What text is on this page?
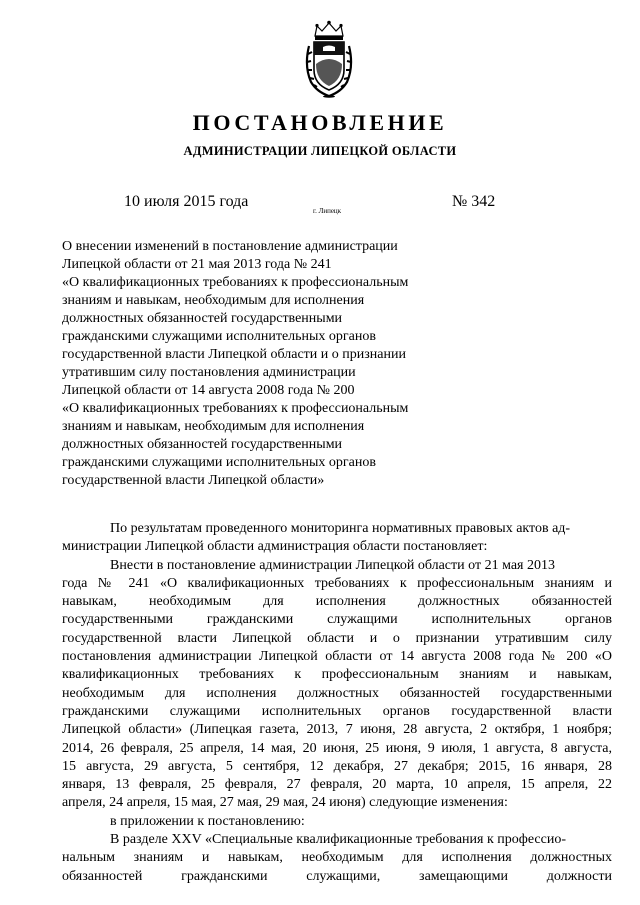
ПОСТАНОВЛЕНИЕ
АДМИНИСТРАЦИИ ЛИПЕЦКОЙ ОБЛАСТИ
10 июля 2015 года
г. Липецк
№ 342
О внесении изменений в постановление администрации
Липецкой области от 21 мая 2013 года № 241
«О квалификационных требованиях к профессиональным
знаниям и навыкам, необходимым для исполнения
должностных обязанностей государственными
гражданскими служащими исполнительных органов
государственной власти Липецкой области и о признании
утратившим силу постановления администрации
Липецкой области от 14 августа 2008 года № 200
«О квалификационных требованиях к профессиональным
знаниям и навыкам, необходимым для исполнения
должностных обязанностей государственными
гражданскими служащими исполнительных органов
государственной власти Липецкой области»
По результатам проведенного мониторинга нормативных правовых актов ад-
министрации Липецкой области администрация области постановляет:
Внести в постановление администрации Липецкой области от 21 мая 2013
года № 241 «О квалификационных требованиях к профессиональным знаниям и
навыкам, необходимым для исполнения должностных обязанностей
государственными гражданскими служащими исполнительных органов
государственной власти Липецкой области и о признании утратившим силу
постановления администрации Липецкой области от 14 августа 2008 года № 200 «О
квалификационных требованиях к профессиональным знаниям и навыкам,
необходимым для исполнения должностных обязанностей государственными
гражданскими служащими исполнительных органов государственной власти
Липецкой области» (Липецкая газета, 2013, 7 июня, 28 августа, 2 октября, 1 ноября;
2014, 26 февраля, 25 апреля, 14 мая, 20 июня, 25 июня, 9 июля, 1 августа, 8 августа,
15 августа, 29 августа, 5 сентября, 12 декабря, 27 декабря; 2015, 16 января, 28
января, 13 февраля, 25 февраля, 27 февраля, 20 марта, 10 апреля, 15 апреля, 22
апреля, 24 апреля, 15 мая, 27 мая, 29 мая, 24 июня) следующие изменения:
в приложении к постановлению:
В разделе XXV «Специальные квалификационные требования к профессио-
нальным знаниям и навыкам, необходимым для исполнения должностных
обязанностей гражданскими служащими, замещающими должности
